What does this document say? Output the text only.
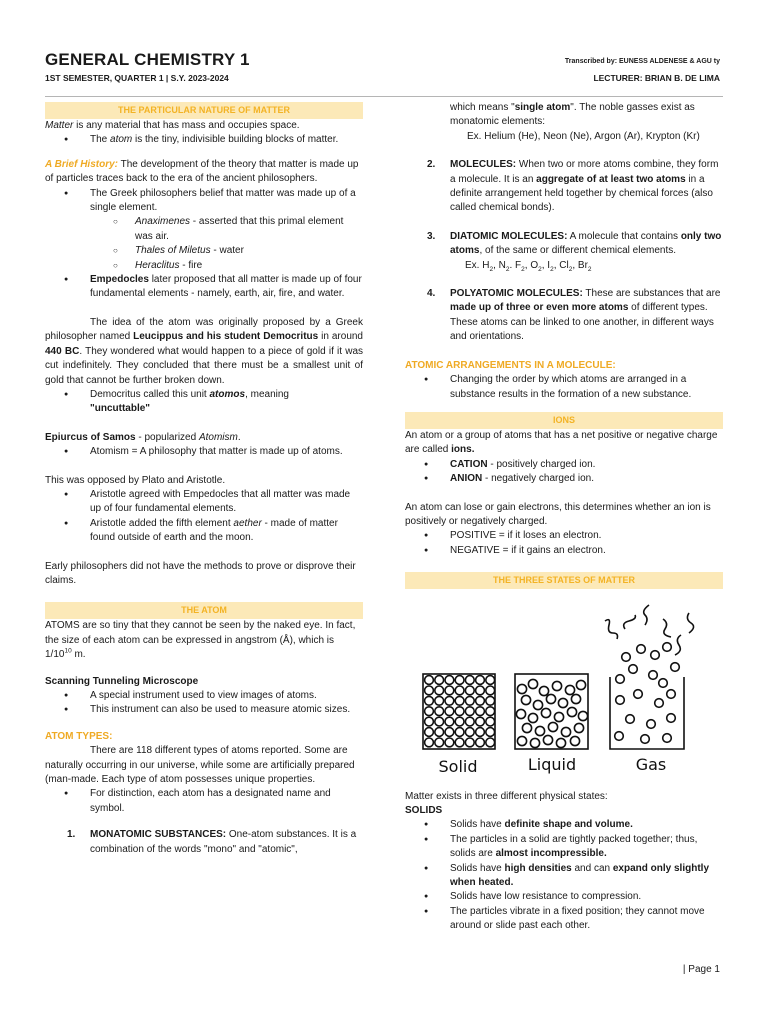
GENERAL CHEMISTRY 1
1ST SEMESTER, QUARTER 1 | S.Y. 2023-2024
Transcribed by: EUNESS ALDENESE & AGU ty
LECTURER: BRIAN B. DE LIMA
THE PARTICULAR NATURE OF MATTER

Matter is any material that has mass and occupies space.

● The atom is the tiny, indivisible building blocks of matter.

A Brief History: The development of the theory that matter is made up of particles traces back to the era of the ancient philosophers.

● The Greek philosophers belief that matter was made up of a single element.
○ Anaximenes - asserted that this primal element was air.
○ Thales of Miletus - water
○ Heraclitus - fire
● Empedocles later proposed that all matter is made up of four fundamental elements - namely, earth, air, fire, and water.

The idea of the atom was originally proposed by a Greek philosopher named Leucippus and his student Democritus in around 440 BC. They wondered what would happen to a piece of gold if it was cut indefinitely. They concluded that there must be a smallest unit of gold that cannot be further broken down.

● Democritus called this unit atomos, meaning
"uncuttable"

Epiurcus of Samos - popularized Atomism.

● Atomism = A philosophy that matter is made up of atoms.

This was opposed by Plato and Aristotle.

● Aristotle agreed with Empedocles that all matter was made up of four fundamental elements.
● Aristotle added the fifth element aether - made of matter found outside of earth and the moon.

Early philosophers did not have the methods to prove or disprove their claims.

THE ATOM

ATOMS are so tiny that they cannot be seen by the naked eye. In fact, the size of each atom can be expressed in angstrom (Å), which is $1/10^{10}$ m.

Scanning Tunneling Microscope

● A special instrument used to view images of atoms.
● This instrument can also be used to measure atomic sizes.

ATOM TYPES:

There are 118 different types of atoms reported. Some are naturally occurring in our universe, while some are artificially prepared (man-made. Each type of atom possesses unique properties.

● For distinction, each atom has a designated name and symbol.
1. MONATOMIC SUBSTANCES: One-atom substances. It is a combination of the words "mono" and "atomic",

which means "single atom". The noble gasses exist as monatomic elements:

Ex. Helium (He), Neon (Ne), Argon (Ar), Krypton (Kr)

2. MOLECULES: When two or more atoms combine, they form a molecule. It is an aggregate of at least two atoms in a definite arrangement held together by chemical forces (also called chemical bonds).
3. DIATOMIC MOLECULES: A molecule that contains only two atoms, of the same or different chemical elements.

Ex. $H_2$, $N_2$. $F_2$, $O_2$, $I_2$, $Cl_2$, $Br_2$

4. POLYATOMIC MOLECULES: These are substances that are made up of three or even more atoms of different types. These atoms can be linked to one another, in different ways and orientations.

ATOMIC ARRANGEMENTS IN A MOLECULE:

● Changing the order by which atoms are arranged in a substance results in the formation of a new substance.
IONS

An atom or a group of atoms that has a net positive or negative charge are called ions.

● CATION - positively charged ion.
● ANION - negatively charged ion.

An atom can lose or gain electrons, this determines whether an ion is positively or negatively charged.

● POSITIVE = if it loses an electron.
● NEGATIVE = if it gains an electron.
THE THREE STATES OF MATTER
Solid	Liquid	Gas

Matter exists in three different physical states:

SOLIDS

● Solids have definite shape and volume.
● The particles in a solid are tightly packed together; thus, solids are almost incompressible.
● Solids have high densities and can expand only slightly when heated.
● Solids have low resistance to compression.
● The particles vibrate in a fixed position; they cannot move around or slide past each other.
| Page 1
